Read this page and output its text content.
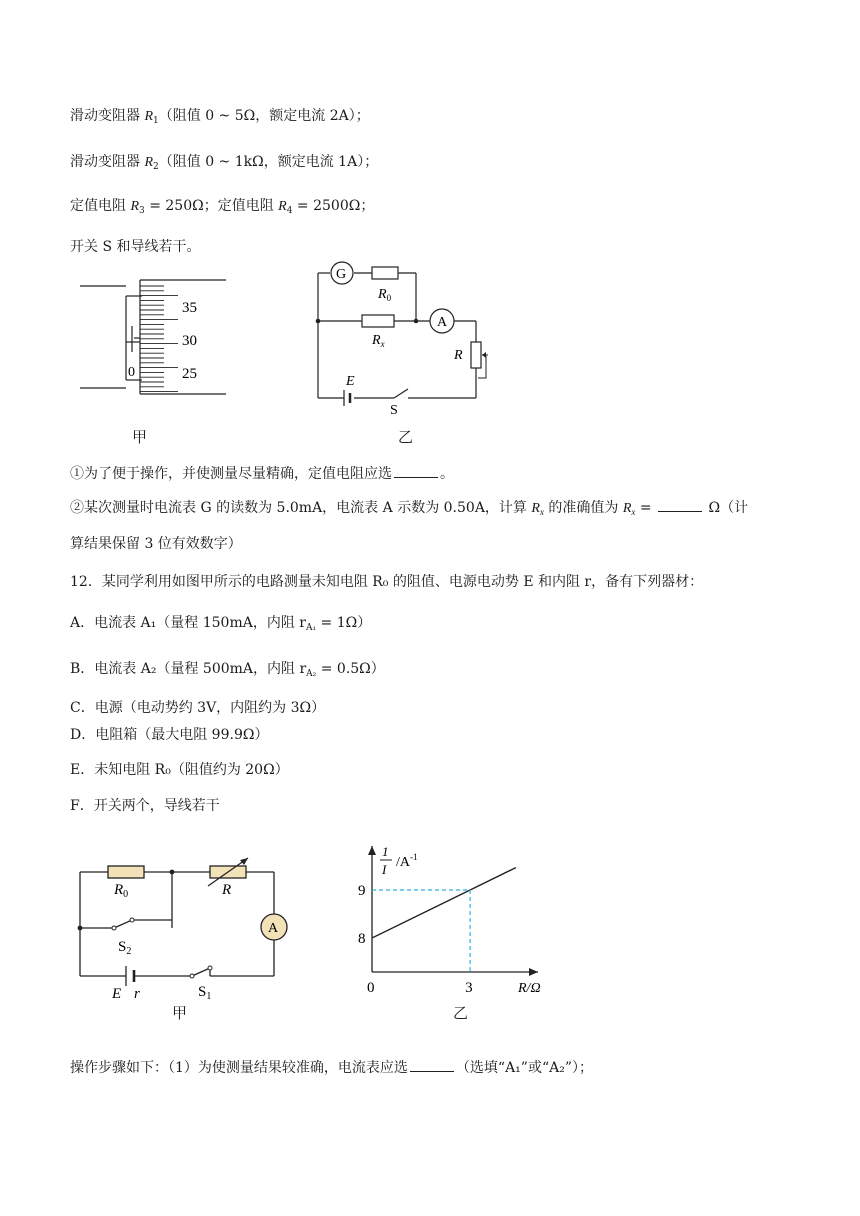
滑动变阻器 $R_1$（阻值 0 ~ 5Ω，额定电流 2A）；
滑动变阻器 $R_2$（阻值 0 ~ 1kΩ，额定电流 1A）；
定值电阻 $R_3 = 250\Omega$；定值电阻 $R_4 = 2500\Omega$；
开关 S 和导线若干。
35
30
25
0
甲
G
$R_0$
$R_x$
A
R
E
S
乙
①为了便于操作，并使测量尽量精确，定值电阻应选	。
②某次测量时电流表 G 的读数为 5.0mA，电流表 A 示数为 0.50A，计算 $R_x$ 的准确值为 $R_x$ =	Ω（计
算结果保留 3 位有效数字）
12．某同学利用如图甲所示的电路测量未知电阻 R₀ 的阻值、电源电动势 E 和内阻 r，备有下列器材：
A．电流表 A₁（量程 150mA，内阻 $r_{A_1} = 1\Omega$）
B．电流表 A₂（量程 500mA，内阻 $r_{A_2} = 0.5\Omega$）
C．电源（电动势约 3V，内阻约为 3Ω）
D．电阻箱（最大电阻 99.9Ω）
E．未知电阻 R₀（阻值约为 20Ω）
F．开关两个，导线若干
A
$R_0$	R
$S_2$
$S_1$
E r
甲
1
I $/A^{-1}$
R/Ω
8
9
0	3
乙
操作步骤如下：（1）为使测量结果较准确，电流表应选	（选填“A₁”或“A₂”）；
